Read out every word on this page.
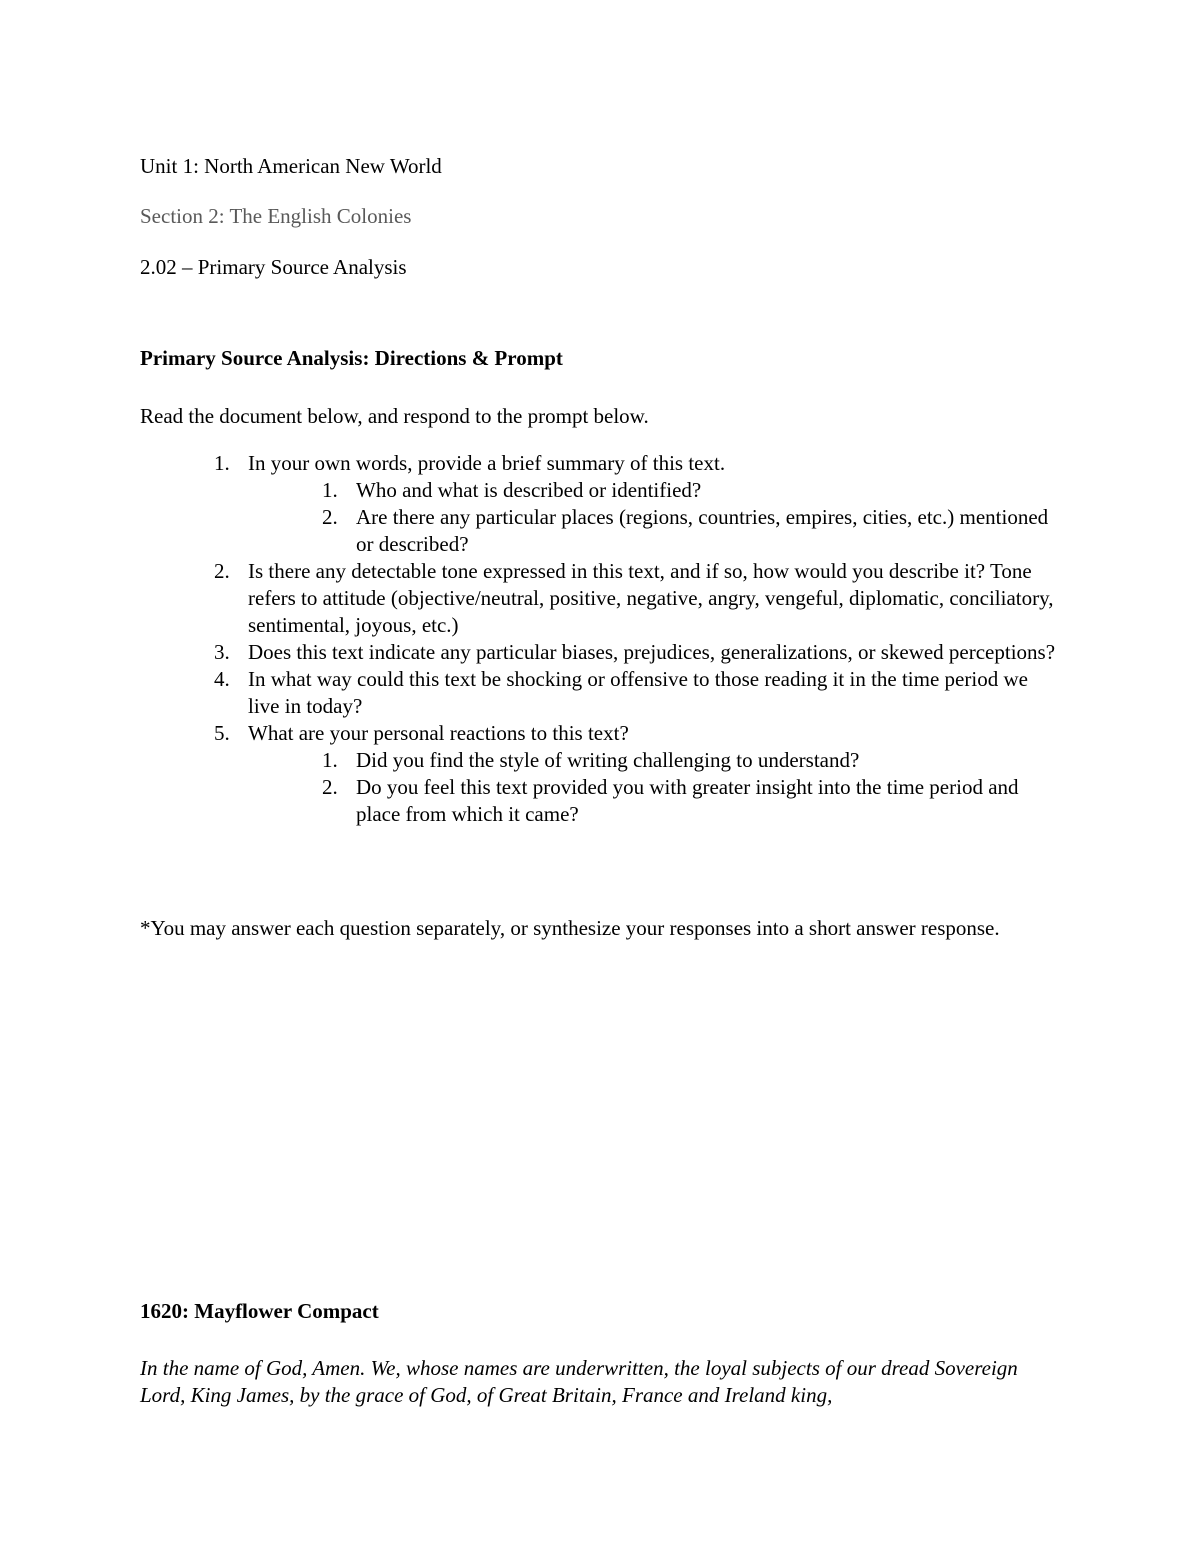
Unit 1: North American New World
Section 2: The English Colonies
2.02 – Primary Source Analysis
Primary Source Analysis: Directions & Prompt
Read the document below, and respond to the prompt below.
1. In your own words, provide a brief summary of this text.
1. Who and what is described or identified?
2. Are there any particular places (regions, countries, empires, cities, etc.) mentioned or described?
2. Is there any detectable tone expressed in this text, and if so, how would you describe it? Tone refers to attitude (objective/neutral, positive, negative, angry, vengeful, diplomatic, conciliatory, sentimental, joyous, etc.)
3. Does this text indicate any particular biases, prejudices, generalizations, or skewed perceptions?
4. In what way could this text be shocking or offensive to those reading it in the time period we live in today?
5. What are your personal reactions to this text?
1. Did you find the style of writing challenging to understand?
2. Do you feel this text provided you with greater insight into the time period and place from which it came?
*You may answer each question separately, or synthesize your responses into a short answer response.
1620: Mayflower Compact
In the name of God, Amen. We, whose names are underwritten, the loyal subjects of our dread Sovereign Lord, King James, by the grace of God, of Great Britain, France and Ireland king,
